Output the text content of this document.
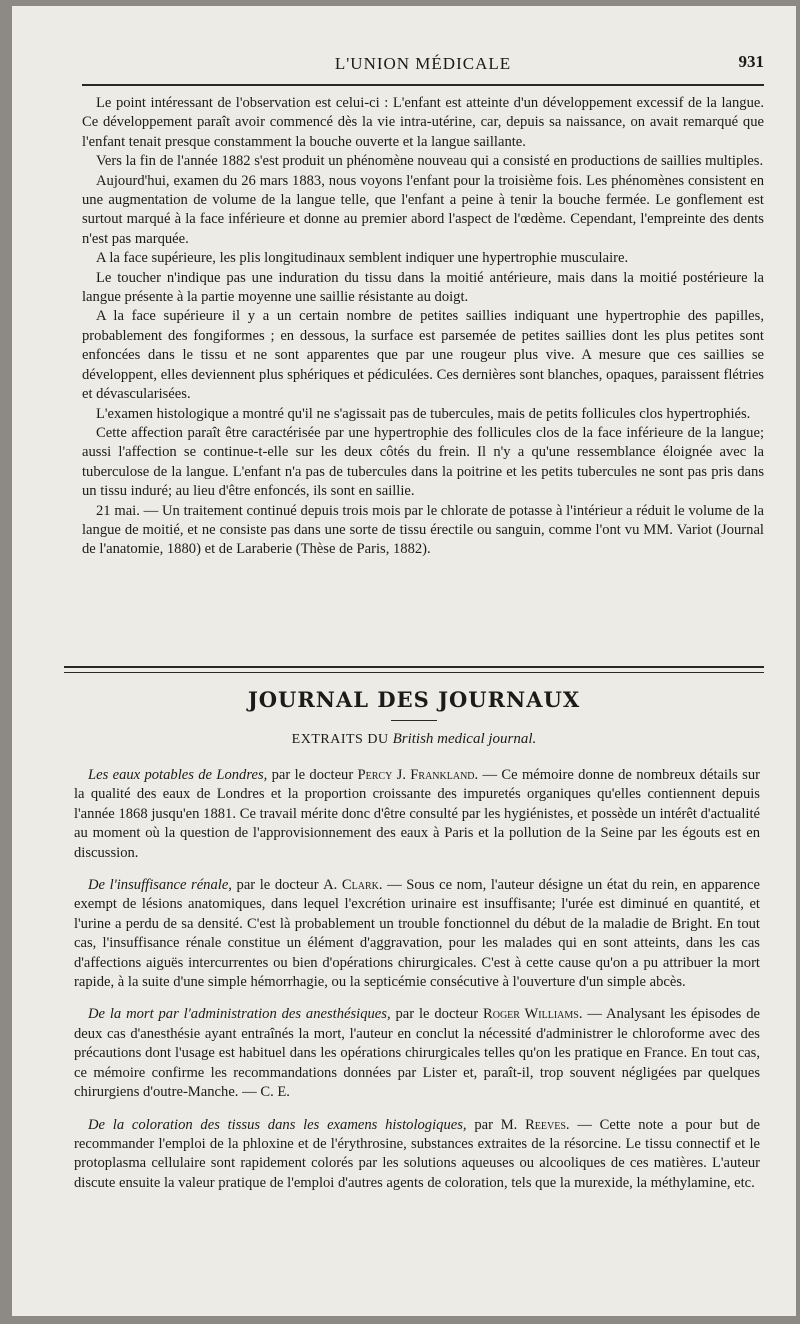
L'UNION MÉDICALE	931

Le point intéressant de l'observation est celui-ci : L'enfant est atteinte d'un développement excessif de la langue. Ce développement paraît avoir commencé dès la vie intra-utérine, car, depuis sa naissance, on avait remarqué que l'enfant tenait presque constamment la bouche ouverte et la langue saillante.

Vers la fin de l'année 1882 s'est produit un phénomène nouveau qui a consisté en productions de saillies multiples.

Aujourd'hui, examen du 26 mars 1883, nous voyons l'enfant pour la troisième fois. Les phénomènes consistent en une augmentation de volume de la langue telle, que l'enfant a peine à tenir la bouche fermée. Le gonflement est surtout marqué à la face inférieure et donne au premier abord l'aspect de l'œdème. Cependant, l'empreinte des dents n'est pas marquée.

A la face supérieure, les plis longitudinaux semblent indiquer une hypertrophie musculaire.

Le toucher n'indique pas une induration du tissu dans la moitié antérieure, mais dans la moitié postérieure la langue présente à la partie moyenne une saillie résistante au doigt.

A la face supérieure il y a un certain nombre de petites saillies indiquant une hypertrophie des papilles, probablement des fongiformes ; en dessous, la surface est parsemée de petites saillies dont les plus petites sont enfoncées dans le tissu et ne sont apparentes que par une rougeur plus vive. A mesure que ces saillies se développent, elles deviennent plus sphériques et pédiculées. Ces dernières sont blanches, opaques, paraissent flétries et dévascularisées.

L'examen histologique a montré qu'il ne s'agissait pas de tubercules, mais de petits follicules clos hypertrophiés.

Cette affection paraît être caractérisée par une hypertrophie des follicules clos de la face inférieure de la langue; aussi l'affection se continue-t-elle sur les deux côtés du frein. Il n'y a qu'une ressemblance éloignée avec la tuberculose de la langue. L'enfant n'a pas de tubercules dans la poitrine et les petits tubercules ne sont pas pris dans un tissu induré; au lieu d'être enfoncés, ils sont en saillie.

21 mai. — Un traitement continué depuis trois mois par le chlorate de potasse à l'intérieur a réduit le volume de la langue de moitié, et ne consiste pas dans une sorte de tissu érectile ou sanguin, comme l'ont vu MM. Variot (Journal de l'anatomie, 1880) et de Laraberie (Thèse de Paris, 1882).

JOURNAL DES JOURNAUX
EXTRAITS DU British medical journal.

Les eaux potables de Londres, par le docteur Percy J. Frankland. — Ce mémoire donne de nombreux détails sur la qualité des eaux de Londres et la proportion croissante des impuretés organiques qu'elles contiennent depuis l'année 1868 jusqu'en 1881. Ce travail mérite donc d'être consulté par les hygiénistes, et possède un intérêt d'actualité au moment où la question de l'approvisionnement des eaux à Paris et la pollution de la Seine par les égouts est en discussion.

De l'insuffisance rénale, par le docteur A. Clark. — Sous ce nom, l'auteur désigne un état du rein, en apparence exempt de lésions anatomiques, dans lequel l'excrétion urinaire est insuffisante; l'urée est diminué en quantité, et l'urine a perdu de sa densité. C'est là probablement un trouble fonctionnel du début de la maladie de Bright. En tout cas, l'insuffisance rénale constitue un élément d'aggravation, pour les malades qui en sont atteints, dans les cas d'affections aiguës intercurrentes ou bien d'opérations chirurgicales. C'est à cette cause qu'on a pu attribuer la mort rapide, à la suite d'une simple hémorrhagie, ou la septicémie consécutive à l'ouverture d'un simple abcès.

De la mort par l'administration des anesthésiques, par le docteur Roger Williams. — Analysant les épisodes de deux cas d'anesthésie ayant entraînés la mort, l'auteur en conclut la nécessité d'administrer le chloroforme avec des précautions dont l'usage est habituel dans les opérations chirurgicales telles qu'on les pratique en France. En tout cas, ce mémoire confirme les recommandations données par Lister et, paraît-il, trop souvent négligées par quelques chirurgiens d'outre-Manche. — C. E.

De la coloration des tissus dans les examens histologiques, par M. Reeves. — Cette note a pour but de recommander l'emploi de la phloxine et de l'érythrosine, substances extraites de la résorcine. Le tissu connectif et le protoplasma cellulaire sont rapidement colorés par les solutions aqueuses ou alcooliques de ces matières. L'auteur discute ensuite la valeur pratique de l'emploi d'autres agents de coloration, tels que la murexide, la méthylamine, etc.
